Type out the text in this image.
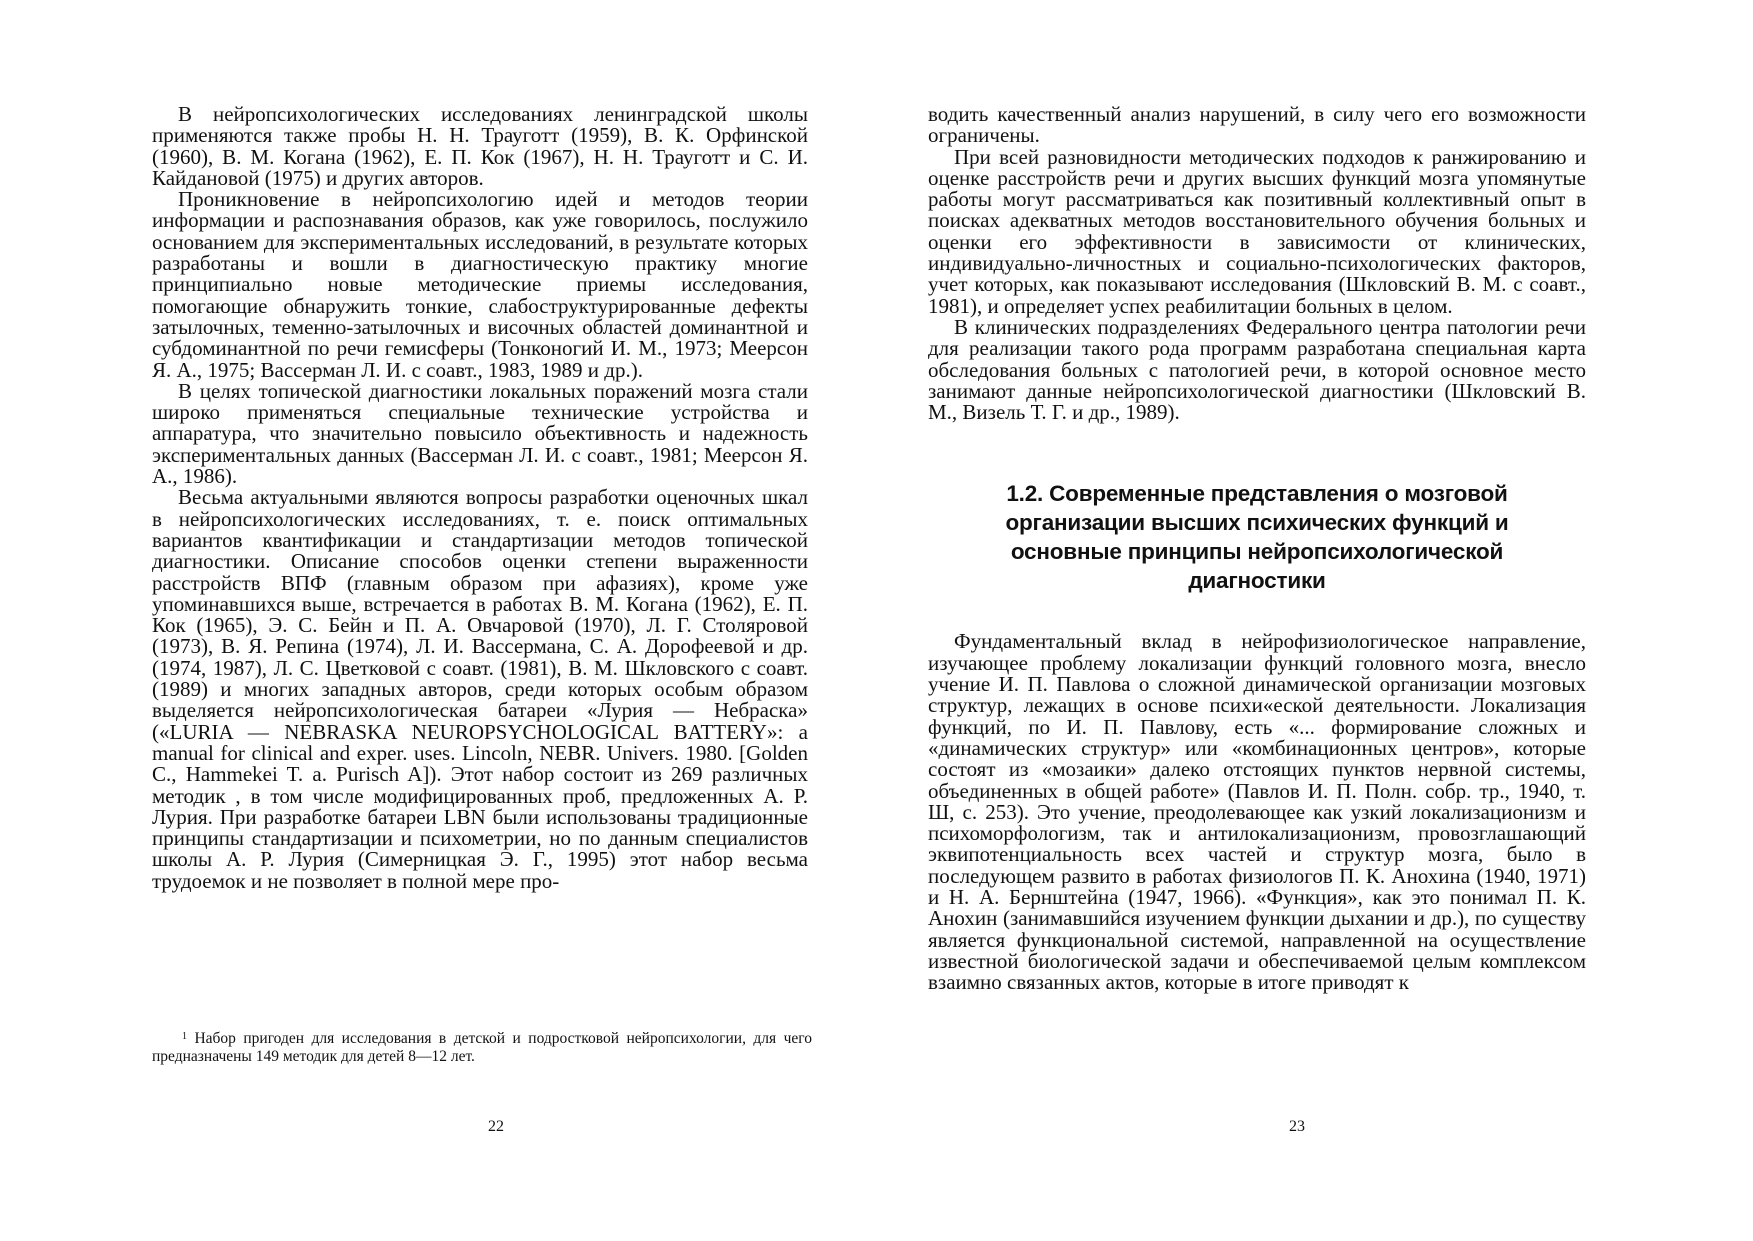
В нейропсихологических исследованиях ленинградской школы применяются также пробы Н. Н. Трауготт (1959), В. К. Орфинской (1960), В. М. Когана (1962), Е. П. Кок (1967), Н. Н. Трауготт и С. И. Кайдановой (1975) и других авторов.

Проникновение в нейропсихологию идей и методов теории информации и распознавания образов, как уже говорилось, послужило основанием для экспериментальных исследований, в результате которых разработаны и вошли в диагностическую практику многие принципиально новые методические приемы исследования, помогающие обнаружить тонкие, слабоструктурированные дефекты затылочных, теменно-затылочных и височных областей доминантной и субдоминантной по речи гемисферы (Тонконогий И. М., 1973; Меерсон Я. А., 1975; Вассерман Л. И. с соавт., 1983, 1989 и др.).

В целях топической диагностики локальных поражений мозга стали широко применяться специальные технические устройства и аппаратура, что значительно повысило объективность и надежность экспериментальных данных (Вассерман Л. И. с соавт., 1981; Меерсон Я. А., 1986).

Весьма актуальными являются вопросы разработки оценочных шкал в нейропсихологических исследованиях, т. е. поиск оптимальных вариантов квантификации и стандартизации методов топической диагностики. Описание способов оценки степени выраженности расстройств ВПФ (главным образом при афазиях), кроме уже упоминавшихся выше, встречается в работах В. М. Когана (1962), Е. П. Кок (1965), Э. С. Бейн и П. А. Овчаровой (1970), Л. Г. Столяровой (1973), В. Я. Репина (1974), Л. И. Вассермана, С. А. Дорофеевой и др. (1974, 1987), Л. С. Цветковой с соавт. (1981), В. М. Шкловского с соавт. (1989) и многих западных авторов, среди которых особым образом выделяется нейропсихологическая батареи «Лурия — Небраска» («LURIA — NEBRASKA NEUROPSYCHOLOGICAL BATTERY»: a manual for clinical and exper. uses. Lincoln, NEBR. Univers. 1980. [Golden C., Hammekei T. a. Purisch A]). Этот набор состоит из 269 различных методик , в том числе модифицированных проб, предложенных А. Р. Лурия. При разработке батареи LBN были использованы традиционные принципы стандартизации и психометрии, но по данным специалистов школы А. Р. Лурия (Симерницкая Э. Г., 1995) этот набор весьма трудоемок и не позволяет в полной мере про-

$^1$ Набор пригоден для исследования в детской и подростковой нейропсихологии, для чего предназначены 149 методик для детей 8—12 лет.

22

водить качественный анализ нарушений, в силу чего его возможности ограничены.

При всей разновидности методических подходов к ранжированию и оценке расстройств речи и других высших функций мозга упомянутые работы могут рассматриваться как позитивный коллективный опыт в поисках адекватных методов восстановительного обучения больных и оценки его эффективности в зависимости от клинических, индивидуально-личностных и социально-психологических факторов, учет которых, как показывают исследования (Шкловский В. М. с соавт., 1981), и определяет успех реабилитации больных в целом.

В клинических подразделениях Федерального центра патологии речи для реализации такого рода программ разработана специальная карта обследования больных с патологией речи, в которой основное место занимают данные нейропсихологической диагностики (Шкловский В. М., Визель Т. Г. и др., 1989).

1.2. Современные представления о мозговой организации высших психических функций и основные принципы нейропсихологической диагностики

Фундаментальный вклад в нейрофизиологическое направление, изучающее проблему локализации функций головного мозга, внесло учение И. П. Павлова о сложной динамической организации мозговых структур, лежащих в основе психи«еской деятельности. Локализация функций, по И. П. Павлову, есть «... формирование сложных и «динамических структур» или «комбинационных центров», которые состоят из «мозаики» далеко отстоящих пунктов нервной системы, объединенных в общей работе» (Павлов И. П. Полн. собр. тр., 1940, т. Ш, с. 253). Это учение, преодолевающее как узкий локализационизм и психоморфологизм, так и антилокализационизм, провозглашающий эквипотенциальность всех частей и структур мозга, было в последующем развито в работах физиологов П. К. Анохина (1940, 1971) и Н. А. Бернштейна (1947, 1966). «Функция», как это понимал П. К. Анохин (занимавшийся изучением функции дыхании и др.), по существу является функциональной системой, направленной на осуществление известной биологической задачи и обеспечиваемой целым комплексом взаимно связанных актов, которые в итоге приводят к

23
